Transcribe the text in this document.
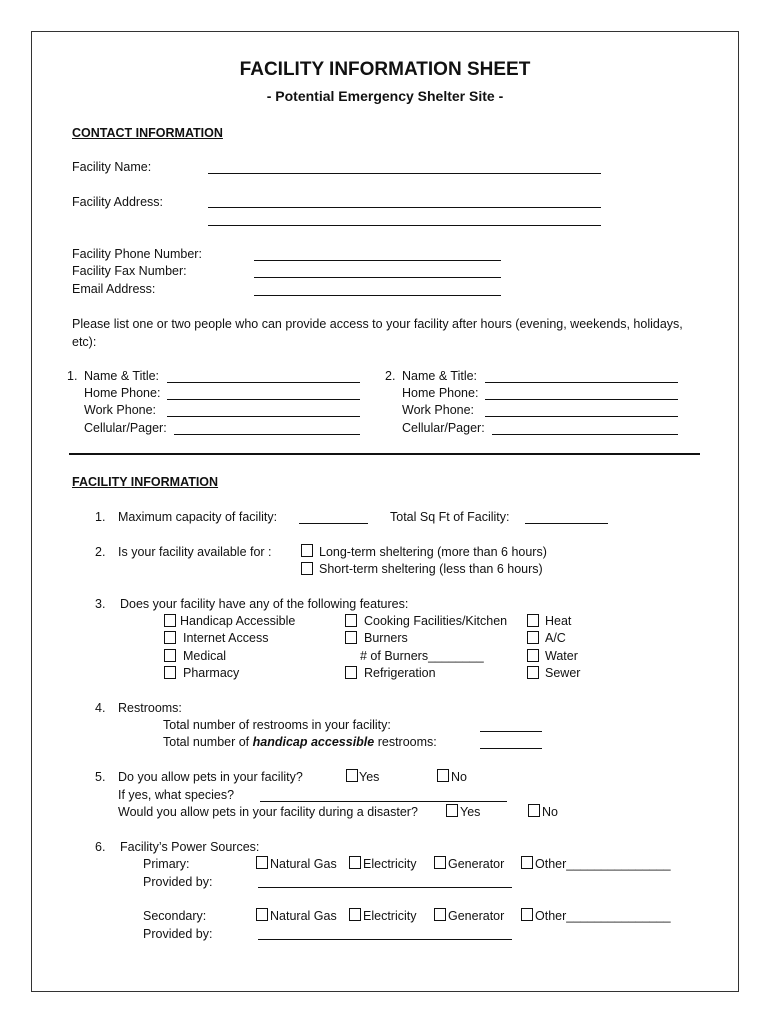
FACILITY INFORMATION SHEET
- Potential Emergency Shelter Site -
CONTACT INFORMATION
Facility Name:
Facility Address:
Facility Phone Number:
Facility Fax Number:
Email Address:
Please list one or two people who can provide access to your facility after hours (evening, weekends, holidays,
etc):
1. Name & Title:
Home Phone:
Work Phone:
Cellular/Pager:
2. Name & Title:
Home Phone:
Work Phone:
Cellular/Pager:
FACILITY INFORMATION
1. Maximum capacity of facility:	Total Sq Ft of Facility:
2. Is your facility available for :	Long-term sheltering (more than 6 hours)
Short-term sheltering (less than 6 hours)
3. Does your facility have any of the following features:
Handicap Accessible
Internet Access
Medical
Pharmacy
Cooking Facilities/Kitchen
Burners
# of Burners________
Refrigeration
Heat
A/C
Water
Sewer
4. Restrooms:
Total number of restrooms in your facility:
Total number of handicap accessible restrooms:
5. Do you allow pets in your facility?	Yes	No
If yes, what species?
Would you allow pets in your facility during a disaster?	Yes	No
6. Facility’s Power Sources:
Primary:	Natural Gas Electricity	Generator Other_______________
Provided by:
Secondary:	Natural Gas Electricity	Generator Other_______________
Provided by:
